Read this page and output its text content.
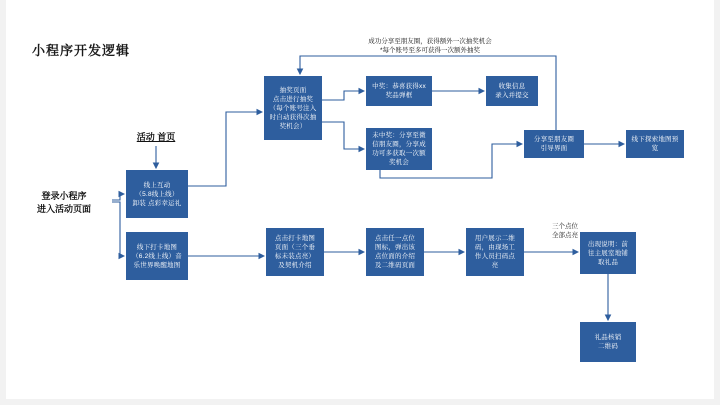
小程序开发逻辑
登录小程序
进入活动页面
活动 首页
成功分享至朋友圈，获得额外一次抽奖机会
*每个账号至多可获得一次额外抽奖
三个点位
全部点亮
线上互动
（5.8线上线）
卸装 点彩幸运礼
线下打卡地图
（6.2线上线）音
乐世界唤醒地图
抽奖页面
点击进行抽奖
（每个账号注入
时自动获得次抽
奖机会）
中奖：恭喜获得xx
奖品弹框
未中奖：分享至微
信朋友圈，分享成
功可多获取一次额
奖机会
收集信息
录入并提交
分享至朋友圈
引导界面
线下探索地图预
览
点击打卡地图
页面（三个垂
标未装点亮）
及契机介绍
点击任一点位
图标，弹出该
点位面的介绍
及二维码页面
用户展示二维
码，由现场工
作人员扫码点
亮
出现说明：前
往主展室地铺
取礼品
礼品核销
二维码
